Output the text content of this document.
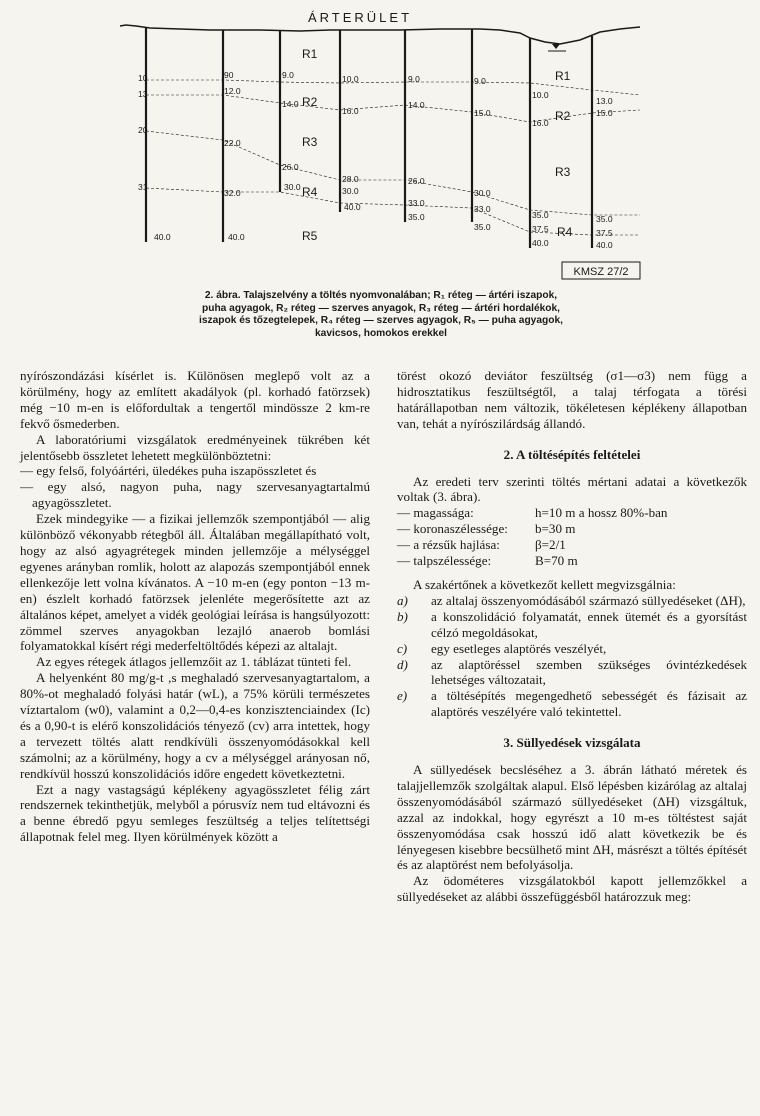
ÁRTERÜLET
R1
R2
R3
R4
R5
R1
R2
R3
R4
10
13
20
31
40.0
90
12.0
22.0
32.0
40.0
9.0
14.0
26.0
30.0
10.0
16.0
28.0
30.0
40.0
9.0
14.0
26.0
33.0
35.0
9.0
15.0
30.0
33.0
35.0
10.0
16.0
35.0
37.5
40.0
13.0
15.0
35.0
37.5
40.0
KMSZ 27/2
2. ábra. Talajszelvény a töltés nyomvonalában; R₁ réteg — ártéri iszapok, puha agyagok, R₂ réteg — szerves anyagok, R₃ réteg — ártéri hordalékok, iszapok és tőzegtelepek, R₄ réteg — szerves agyagok, R₅ — puha agyagok, kavicsos, homokos erekkel

nyírószondázási kísérlet is. Különösen meglepő volt az a körülmény, hogy az említett akadályok (pl. korhadó fatörzsek) még −10 m-en is előfordultak a tengertől mindössze 2 km-re fekvő ősmederben.

A laboratóriumi vizsgálatok eredményeinek tükrében két jelentősebb összletet lehetett megkülönböztetni:

— egy felső, folyóártéri, üledékes puha iszapösszletet és

— egy alsó, nagyon puha, nagy szervesanyagtartalmú agyagösszletet.

Ezek mindegyike — a fizikai jellemzők szempontjából — alig különböző vékonyabb rétegből áll. Általában megállapítható volt, hogy az alsó agyagrétegek minden jellemzője a mélységgel egyenes arányban romlik, holott az alapozás szempontjából ennek ellenkezője lett volna kívánatos. A −10 m-en (egy ponton −13 m-en) észlelt korhadó fatörzsek jelenléte megerősítette azt az általános képet, amelyet a vidék geológiai leírása is hangsúlyozott: zömmel szerves anyagokban lezajló anaerob bomlási folyamatokkal kísért régi mederfeltöltődés képezi az altalajt.

Az egyes rétegek átlagos jellemzőit az 1. táblázat tünteti fel.

A helyenként 80 mg/g-t ,s meghaladó szervesanyagtartalom, a 80%-ot meghaladó folyási határ (wL), a 75% körüli természetes víztartalom (w0), valamint a 0,2—0,4-es konzisztenciaindex (Ic) és a 0,90-t is elérő konszolidációs tényező (cv) arra intettek, hogy a tervezett töltés alatt rendkívüli összenyomódásokkal kell számolni; az a körülmény, hogy a cv a mélységgel arányosan nő, rendkívül hosszú konszolidációs időre engedett következtetni.

Ezt a nagy vastagságú képlékeny agyagösszletet félig zárt rendszernek tekinthetjük, melyből a pórusvíz nem tud eltávozni és a benne ébredő pgyu semleges feszültség a teljes telítettségi állapotnak felel meg. Ilyen körülmények között a

törést okozó deviátor feszültség (σ1—σ3) nem függ a hidrosztatikus feszültségtől, a talaj térfogata a törési határállapotban nem változik, tökéletesen képlékeny állapotban van, tehát a nyírószilárdság állandó.

2. A töltésépítés feltételei

Az eredeti terv szerinti töltés mértani adatai a következők voltak (3. ábra).

— magassága:	h=10 m a hossz 80%-ban
— koronaszélessége:	b=30 m
— a rézsűk hajlása:	β=2/1
— talpszélessége:	B=70 m

A szakértőnek a következőt kellett megvizsgálnia:

a)	az altalaj összenyomódásából származó süllyedéseket (ΔH),
b)	a konszolidáció folyamatát, ennek ütemét és a gyorsítást célzó megoldásokat,
c)	egy esetleges alaptörés veszélyét,
d)	az alaptöréssel szemben szükséges óvintézkedések lehetséges változatait,
e)	a töltésépítés megengedhető sebességét és fázisait az alaptörés veszélyére való tekintettel.
3. Süllyedések vizsgálata

A süllyedések becsléséhez a 3. ábrán látható méretek és talajjellemzők szolgáltak alapul. Első lépésben kizárólag az altalaj összenyomódásából származó süllyedéseket (ΔH) vizsgáltuk, azzal az indokkal, hogy egyrészt a 10 m-es töltéstest saját összenyomódása csak hosszú idő alatt következik be és lényegesen kisebbre becsülhető mint ΔH, másrészt a töltés építését és az alaptörést nem befolyásolja.

Az ödométeres vizsgálatokból kapott jellemzőkkel a süllyedéseket az alábbi összefüggésből határozzuk meg:
